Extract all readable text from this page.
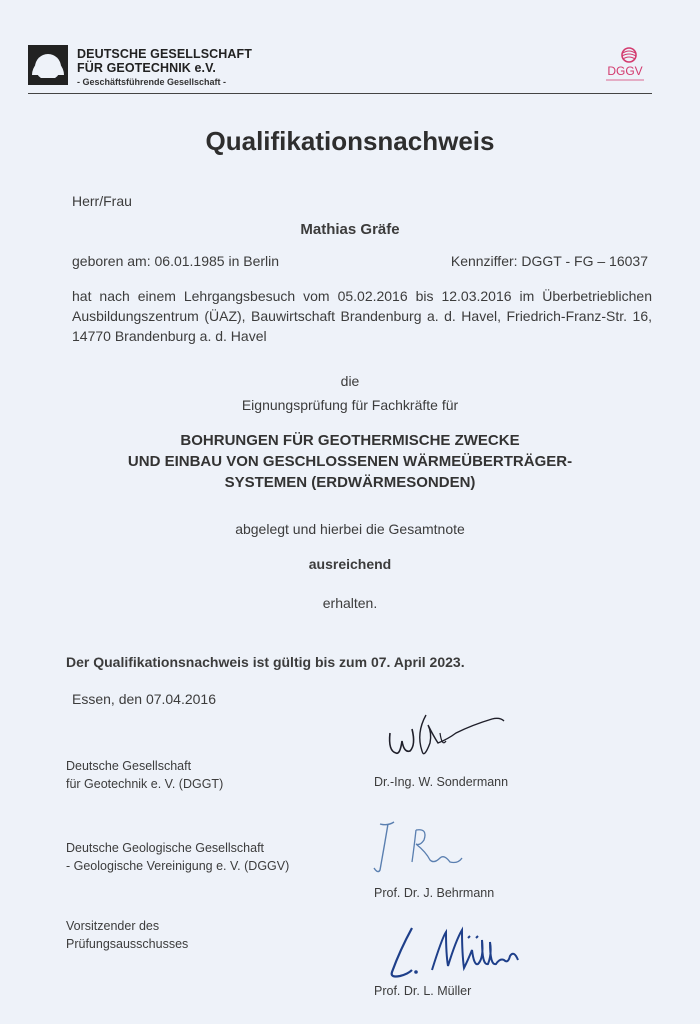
DEUTSCHE GESELLSCHAFT
FÜR GEOTECHNIK e.V.
- Geschäftsführende Gesellschaft -
DGGV
Qualifikationsnachweis
Herr/Frau
Mathias Gräfe
geboren am: 06.01.1985 in Berlin	Kennziffer: DGGT - FG – 16037
hat nach einem Lehrgangsbesuch vom 05.02.2016 bis 12.03.2016 im Überbetrieblichen Ausbildungszentrum (ÜAZ), Bauwirtschaft Brandenburg a. d. Havel, Friedrich-Franz-Str. 16, 14770 Brandenburg a. d. Havel
die
Eignungsprüfung für Fachkräfte für
BOHRUNGEN FÜR GEOTHERMISCHE ZWECKE
UND EINBAU VON GESCHLOSSENEN WÄRMEÜBERTRÄGER-
SYSTEMEN (ERDWÄRMESONDEN)
abgelegt und hierbei die Gesamtnote
ausreichend
erhalten.
Der Qualifikationsnachweis ist gültig bis zum 07. April 2023.
Essen, den 07.04.2016
Deutsche Gesellschaft
für Geotechnik e. V. (DGGT)	Dr.-Ing. W. Sondermann
Deutsche Geologische Gesellschaft
- Geologische Vereinigung e. V. (DGGV)
Prof. Dr. J. Behrmann
Vorsitzender des
Prüfungsausschusses
Prof. Dr. L. Müller
